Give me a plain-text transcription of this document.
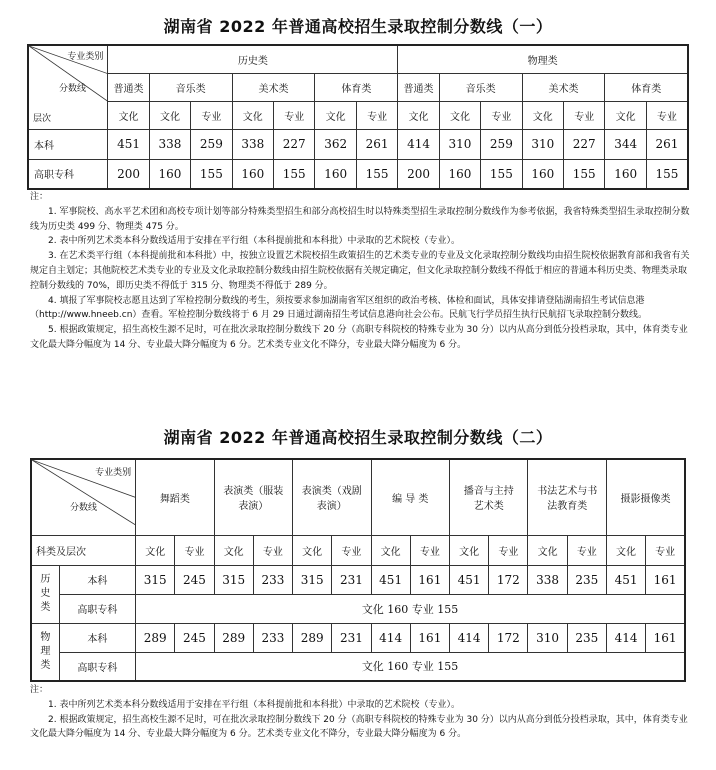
湖南省 2022 年普通高校招生录取控制分数线（一）
专业类别
分数线
层次	历史类							物理类						
	普通类	音乐类		美术类		体育类		普通类	音乐类		美术类		体育类	
	文化	文化	专业	文化	专业	文化	专业	文化	文化	专业	文化	专业	文化	专业
本科	451	338	259	338	227	362	261	414	310	259	310	227	344	261
高职专科	200	160	155	160	155	160	155	200	160	155	160	155	160	155

注：

1. 军事院校、高水平艺术团和高校专项计划等部分特殊类型招生和部分高校招生时以特殊类型招生录取控制分数线作为参考依据，我省特殊类型招生录取控制分数线为历史类 499 分、物理类 475 分。

2. 表中所列艺术类本科分数线适用于安排在平行组（本科提前批和本科批）中录取的艺术院校（专业）。

3. 在艺术类平行组（本科提前批和本科批）中，按独立设置艺术院校招生政策招生的艺术类专业的专业及文化录取控制分数线均由招生院校依据教育部和我省有关规定自主划定；其他院校艺术类专业的专业及文化录取控制分数线由招生院校依据有关规定确定，但文化录取控制分数线不得低于相应的普通本科历史类、物理类录取控制分数线的 70%，即历史类不得低于 315 分、物理类不得低于 289 分。

4. 填报了军事院校志愿且达到了军检控制分数线的考生，须按要求参加湖南省军区组织的政治考核、体检和面试，具体安排请登陆湖南招生考试信息港（http://www.hneeb.cn）查看。军检控制分数线将于 6 月 29 日通过湖南招生考试信息港向社会公布。民航飞行学员招生执行民航招飞录取控制分数线。

5. 根据政策规定，招生高校生源不足时，可在批次录取控制分数线下 20 分（高职专科院校的特殊专业为 30 分）以内从高分到低分投档录取，其中，体育类专业文化最大降分幅度为 14 分、专业最大降分幅度为 6 分。艺术类专业文化不降分，专业最大降分幅度为 6 分。

湖南省 2022 年普通高校招生录取控制分数线（二）
专业类别
分数线		舞蹈类		表演类（服装表演）		表演类（戏剧表演）		编 导 类		播音与主持艺术类		书法艺术与书法教育类		摄影摄像类	

科类及层次		文化	专业	文化	专业	文化	专业	文化	专业	文化	专业	文化	专业	文化	专业
历史类	本科	315	245	315	233	315	231	451	161	451	172	338	235	451	161
	高职专科	文化 160 专业 155													
物理类	本科	289	245	289	233	289	231	414	161	414	172	310	235	414	161
	高职专科	文化 160 专业 155													

注：

1. 表中所列艺术类本科分数线适用于安排在平行组（本科提前批和本科批）中录取的艺术院校（专业）。

2. 根据政策规定，招生高校生源不足时，可在批次录取控制分数线下 20 分（高职专科院校的特殊专业为 30 分）以内从高分到低分投档录取，其中，体育类专业文化最大降分幅度为 14 分、专业最大降分幅度为 6 分。艺术类专业文化不降分，专业最大降分幅度为 6 分。
